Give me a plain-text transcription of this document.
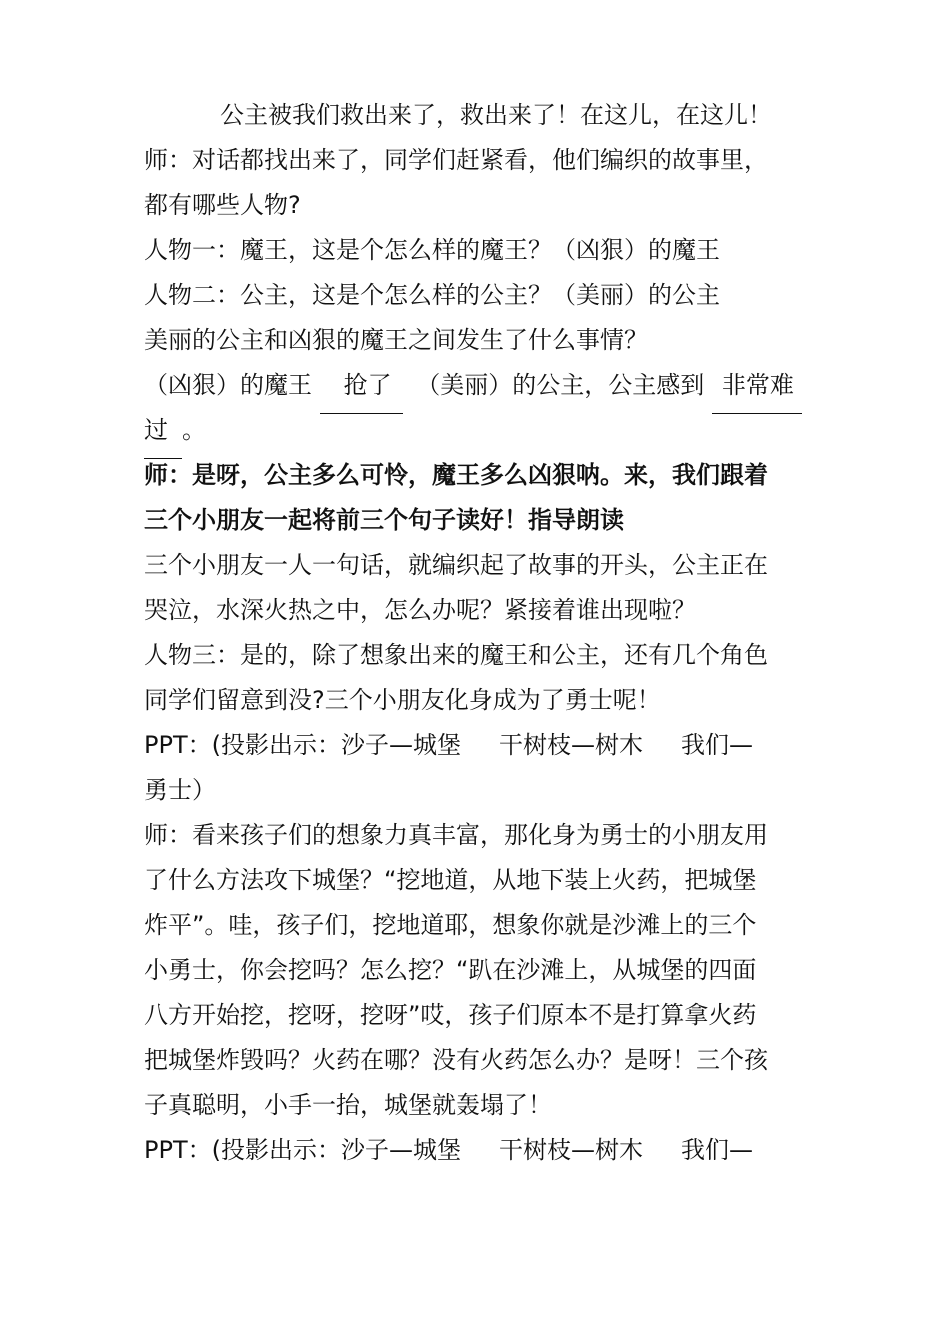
公主被我们救出来了，救出来了！在这儿，在这儿！
师：对话都找出来了，同学们赶紧看，他们编织的故事里，
都有哪些人物?
人物一：魔王，这是个怎么样的魔王？（凶狠）的魔王
人物二：公主，这是个怎么样的公主？（美丽）的公主
美丽的公主和凶狠的魔王之间发生了什么事情？
（凶狠）的魔王 抢了 （美丽）的公主，公主感到 非常难
过 。
师：是呀，公主多么可怜，魔王多么凶狠呐。来，我们跟着
三个小朋友一起将前三个句子读好！指导朗读
三个小朋友一人一句话，就编织起了故事的开头，公主正在
哭泣，水深火热之中，怎么办呢？紧接着谁出现啦？
人物三：是的，除了想象出来的魔王和公主，还有几个角色
同学们留意到没?三个小朋友化身成为了勇士呢！
PPT：(投影出示：沙子—城堡 干树枝—树木 我们—
勇士）
师：看来孩子们的想象力真丰富，那化身为勇士的小朋友用
了什么方法攻下城堡？“挖地道，从地下装上火药，把城堡
炸平”。哇，孩子们，挖地道耶，想象你就是沙滩上的三个
小勇士，你会挖吗？怎么挖？“趴在沙滩上，从城堡的四面
八方开始挖，挖呀，挖呀”哎，孩子们原本不是打算拿火药
把城堡炸毁吗？火药在哪？没有火药怎么办？是呀！三个孩
子真聪明，小手一抬，城堡就轰塌了！
PPT：(投影出示：沙子—城堡 干树枝—树木 我们—
